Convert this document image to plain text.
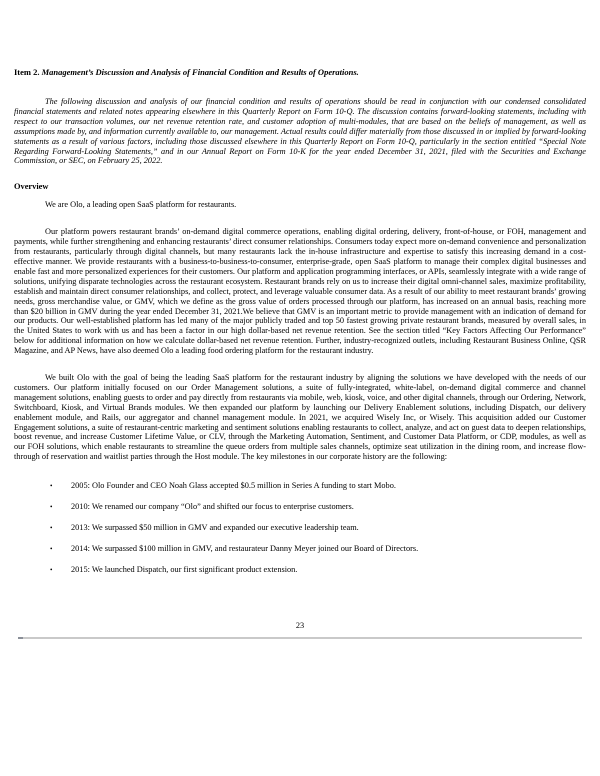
Item 2. Management’s Discussion and Analysis of Financial Condition and Results of Operations.

The following discussion and analysis of our financial condition and results of operations should be read in conjunction with our condensed consolidated financial statements and related notes appearing elsewhere in this Quarterly Report on Form 10-Q. The discussion contains forward-looking statements, including with respect to our transaction volumes, our net revenue retention rate, and customer adoption of multi-modules, that are based on the beliefs of management, as well as assumptions made by, and information currently available to, our management. Actual results could differ materially from those discussed in or implied by forward-looking statements as a result of various factors, including those discussed elsewhere in this Quarterly Report on Form 10-Q, particularly in the section entitled “Special Note Regarding Forward-Looking Statements,” and in our Annual Report on Form 10-K for the year ended December 31, 2021, filed with the Securities and Exchange Commission, or SEC, on February 25, 2022.

Overview

We are Olo, a leading open SaaS platform for restaurants.

Our platform powers restaurant brands’ on-demand digital commerce operations, enabling digital ordering, delivery, front-of-house, or FOH, management and payments, while further strengthening and enhancing restaurants’ direct consumer relationships. Consumers today expect more on-demand convenience and personalization from restaurants, particularly through digital channels, but many restaurants lack the in-house infrastructure and expertise to satisfy this increasing demand in a cost-effective manner. We provide restaurants with a business-to-business-to-consumer, enterprise-grade, open SaaS platform to manage their complex digital businesses and enable fast and more personalized experiences for their customers. Our platform and application programming interfaces, or APIs, seamlessly integrate with a wide range of solutions, unifying disparate technologies across the restaurant ecosystem. Restaurant brands rely on us to increase their digital omni-channel sales, maximize profitability, establish and maintain direct consumer relationships, and collect, protect, and leverage valuable consumer data. As a result of our ability to meet restaurant brands’ growing needs, gross merchandise value, or GMV, which we define as the gross value of orders processed through our platform, has increased on an annual basis, reaching more than $20 billion in GMV during the year ended December 31, 2021.We believe that GMV is an important metric to provide management with an indication of demand for our products. Our well-established platform has led many of the major publicly traded and top 50 fastest growing private restaurant brands, measured by overall sales, in the United States to work with us and has been a factor in our high dollar-based net revenue retention. See the section titled “Key Factors Affecting Our Performance” below for additional information on how we calculate dollar-based net revenue retention. Further, industry-recognized outlets, including Restaurant Business Online, QSR Magazine, and AP News, have also deemed Olo a leading food ordering platform for the restaurant industry.

We built Olo with the goal of being the leading SaaS platform for the restaurant industry by aligning the solutions we have developed with the needs of our customers. Our platform initially focused on our Order Management solutions, a suite of fully-integrated, white-label, on-demand digital commerce and channel management solutions, enabling guests to order and pay directly from restaurants via mobile, web, kiosk, voice, and other digital channels, through our Ordering, Network, Switchboard, Kiosk, and Virtual Brands modules. We then expanded our platform by launching our Delivery Enablement solutions, including Dispatch, our delivery enablement module, and Rails, our aggregator and channel management module. In 2021, we acquired Wisely Inc, or Wisely. This acquisition added our Customer Engagement solutions, a suite of restaurant-centric marketing and sentiment solutions enabling restaurants to collect, analyze, and act on guest data to deepen relationships, boost revenue, and increase Customer Lifetime Value, or CLV, through the Marketing Automation, Sentiment, and Customer Data Platform, or CDP, modules, as well as our FOH solutions, which enable restaurants to streamline the queue orders from multiple sales channels, optimize seat utilization in the dining room, and increase flow-through of reservation and waitlist parties through the Host module. The key milestones in our corporate history are the following:

•	2005: Olo Founder and CEO Noah Glass accepted $0.5 million in Series A funding to start Mobo.
•	2010: We renamed our company “Olo” and shifted our focus to enterprise customers.
•	2013: We surpassed $50 million in GMV and expanded our executive leadership team.
•	2014: We surpassed $100 million in GMV, and restaurateur Danny Meyer joined our Board of Directors.
•	2015: We launched Dispatch, our first significant product extension.
23
